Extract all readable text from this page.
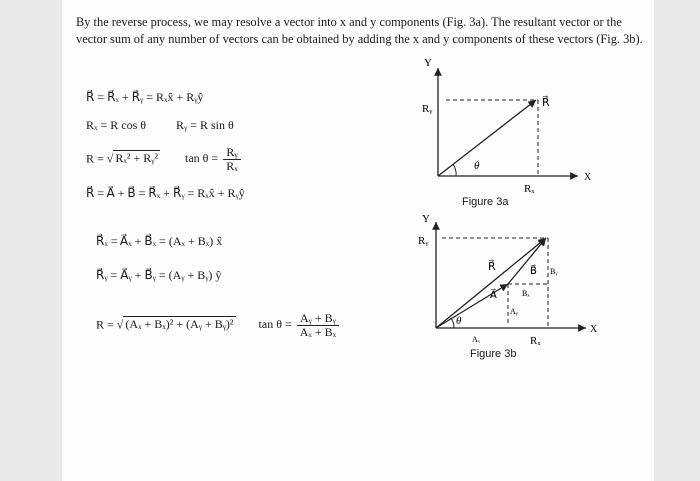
By the reverse process, we may resolve a vector into x and y components (Fig. 3a). The resultant vector or the vector sum of any number of vectors can be obtained by adding the x and y components of these vectors (Fig. 3b).

R⃗ = R⃗ₓ + R⃗ᵧ = Rₓx̂ + Rᵧŷ
Rₓ = R cos θ	Rᵧ = R sin θ
R = √ Rₓ² + Rᵧ² $\tan \theta = \frac{\text{Rᵧ}}{\text{Rₓ}}$
R⃗ = A⃗ + B⃗ = R⃗ₓ + R⃗ᵧ = Rₓx̂ + Rᵧŷ
R⃗ₓ = A⃗ₓ + B⃗ₓ = (Aₓ + Bₓ) x̂
R⃗ᵧ = A⃗ᵧ + B⃗ᵧ = (Aᵧ + Bᵧ) ŷ
R = √ (Aₓ + Bₓ)² + (Aᵧ + Bᵧ)² $\tan \theta = \frac{\text{Aᵧ + Bᵧ}}{\text{Aₓ + Bₓ}}$
θ
Y
X
R⃗
Rᵧ
Rₓ
Figure 3a
θ
Y
X
Rᵧ
R⃗
A⃗
B⃗ Bᵧ
Bₓ
Aᵧ
Aₓ	Rₓ
Figure 3b
